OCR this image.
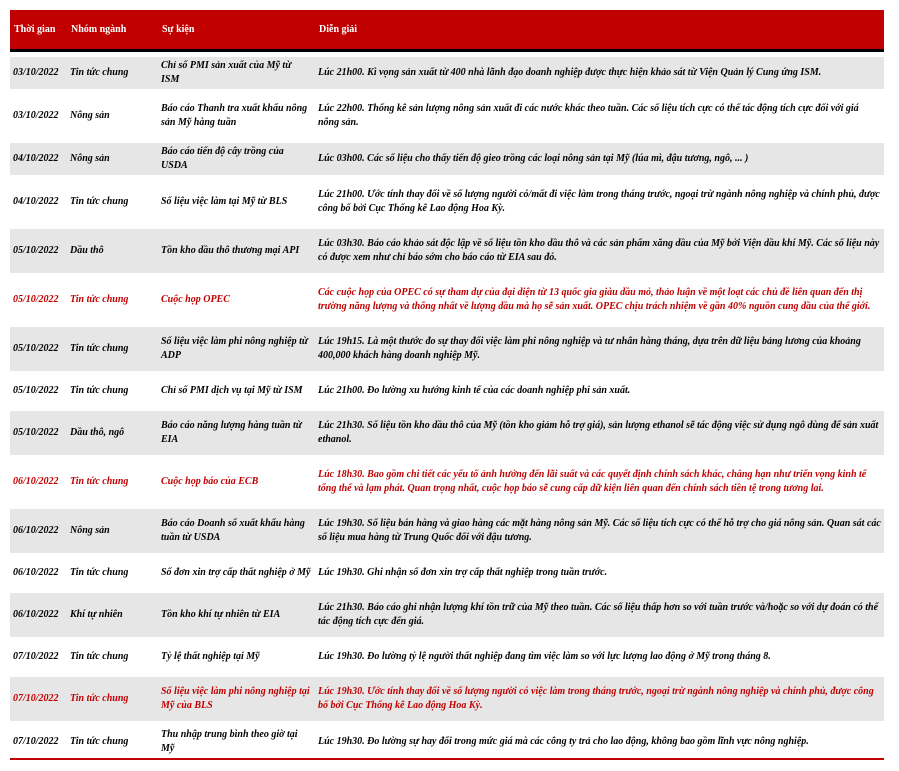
Thời gian	Nhóm ngành	Sự kiện	Diễn giải

03/10/2022	Tin tức chung	Chỉ số PMI sản xuất của Mỹ từ ISM	Lúc 21h00. Kì vọng sản xuất từ 400 nhà lãnh đạo doanh nghiệp được thực hiện khảo sát từ Viện Quản lý Cung ứng ISM.

03/10/2022	Nông sản	Báo cáo Thanh tra xuất khẩu nông sản Mỹ hàng tuần	Lúc 22h00. Thống kê sản lượng nông sản xuất đi các nước khác theo tuần. Các số liệu tích cực có thể tác động tích cực đối với giá nông sản.

04/10/2022	Nông sản	Báo cáo tiến độ cây trồng của USDA	Lúc 03h00. Các số liệu cho thấy tiến độ gieo trồng các loại nông sản tại Mỹ (lúa mì, đậu tương, ngô, ... )

04/10/2022	Tin tức chung	Số liệu việc làm tại Mỹ từ BLS	Lúc 21h00. Ước tính thay đổi về số lượng người có/mất đi việc làm trong tháng trước, ngoại trừ ngành nông nghiệp và chính phủ, được công bố bởi Cục Thống kê Lao động Hoa Kỳ.

05/10/2022	Dầu thô	Tồn kho dầu thô thương mại API	Lúc 03h30. Báo cáo khảo sát độc lập về số liệu tồn kho dầu thô và các sản phẩm xăng dầu của Mỹ bởi Viện dầu khí Mỹ. Các số liệu này có được xem như chỉ báo sớm cho báo cáo từ EIA sau đó.

05/10/2022	Tin tức chung	Cuộc họp OPEC	Các cuộc họp của OPEC có sự tham dự của đại diện từ 13 quốc gia giàu dầu mỏ, thảo luận về một loạt các chủ đề liên quan đến thị trường năng lượng và thống nhất về lượng dầu mà họ sẽ sản xuất. OPEC chịu trách nhiệm về gần 40% nguồn cung dầu của thế giới.

05/10/2022	Tin tức chung	Số liệu việc làm phi nông nghiệp từ ADP	Lúc 19h15. Là một thước đo sự thay đổi việc làm phi nông nghiệp và tư nhân hàng tháng, dựa trên dữ liệu bảng lương của khoảng 400,000 khách hàng doanh nghiệp Mỹ.

05/10/2022	Tin tức chung	Chỉ số PMI dịch vụ tại Mỹ từ ISM	Lúc 21h00. Đo lường xu hướng kinh tế của các doanh nghiệp phi sản xuất.

05/10/2022	Dầu thô, ngô	Báo cáo năng lượng hàng tuần từ EIA	Lúc 21h30. Số liệu tồn kho dầu thô của Mỹ (tồn kho giảm hỗ trợ giá), sản lượng ethanol sẽ tác động việc sử dụng ngô dùng để sản xuất ethanol.

06/10/2022	Tin tức chung	Cuộc họp báo của ECB	Lúc 18h30. Bao gồm chi tiết các yếu tố ảnh hưởng đến lãi suất và các quyết định chính sách khác, chẳng hạn như triển vọng kinh tế tổng thể và lạm phát. Quan trọng nhất, cuộc họp báo sẽ cung cấp dữ kiện liên quan đến chính sách tiền tệ trong tương lai.

06/10/2022	Nông sản	Báo cáo Doanh số xuất khẩu hàng tuần từ USDA	Lúc 19h30. Số liệu bán hàng và giao hàng các mặt hàng nông sản Mỹ. Các số liệu tích cực có thể hỗ trợ cho giá nông sản. Quan sát các số liệu mua hàng từ Trung Quốc đối với đậu tương.

06/10/2022	Tin tức chung	Số đơn xin trợ cấp thất nghiệp ở Mỹ	Lúc 19h30. Ghi nhận số đơn xin trợ cấp thất nghiệp trong tuần trước.

06/10/2022	Khí tự nhiên	Tồn kho khí tự nhiên từ EIA	Lúc 21h30. Báo cáo ghi nhận lượng khí tồn trữ của Mỹ theo tuần. Các số liệu thấp hơn so với tuần trước và/hoặc so với dự đoán có thể tác động tích cực đến giá.

07/10/2022	Tin tức chung	Tỷ lệ thất nghiệp tại Mỹ	Lúc 19h30. Đo lường tỷ lệ người thất nghiệp đang tìm việc làm so với lực lượng lao động ở Mỹ trong tháng 8.

07/10/2022	Tin tức chung	Số liệu việc làm phi nông nghiệp tại Mỹ của BLS	Lúc 19h30. Ước tính thay đổi về số lượng người có việc làm trong tháng trước, ngoại trừ ngành nông nghiệp và chính phủ, được công bố bởi Cục Thống kê Lao động Hoa Kỳ.

07/10/2022	Tin tức chung	Thu nhập trung bình theo giờ tại Mỹ	Lúc 19h30. Đo lường sự hay đổi trong mức giá mà các công ty trả cho lao động, không bao gồm lĩnh vực nông nghiệp.
